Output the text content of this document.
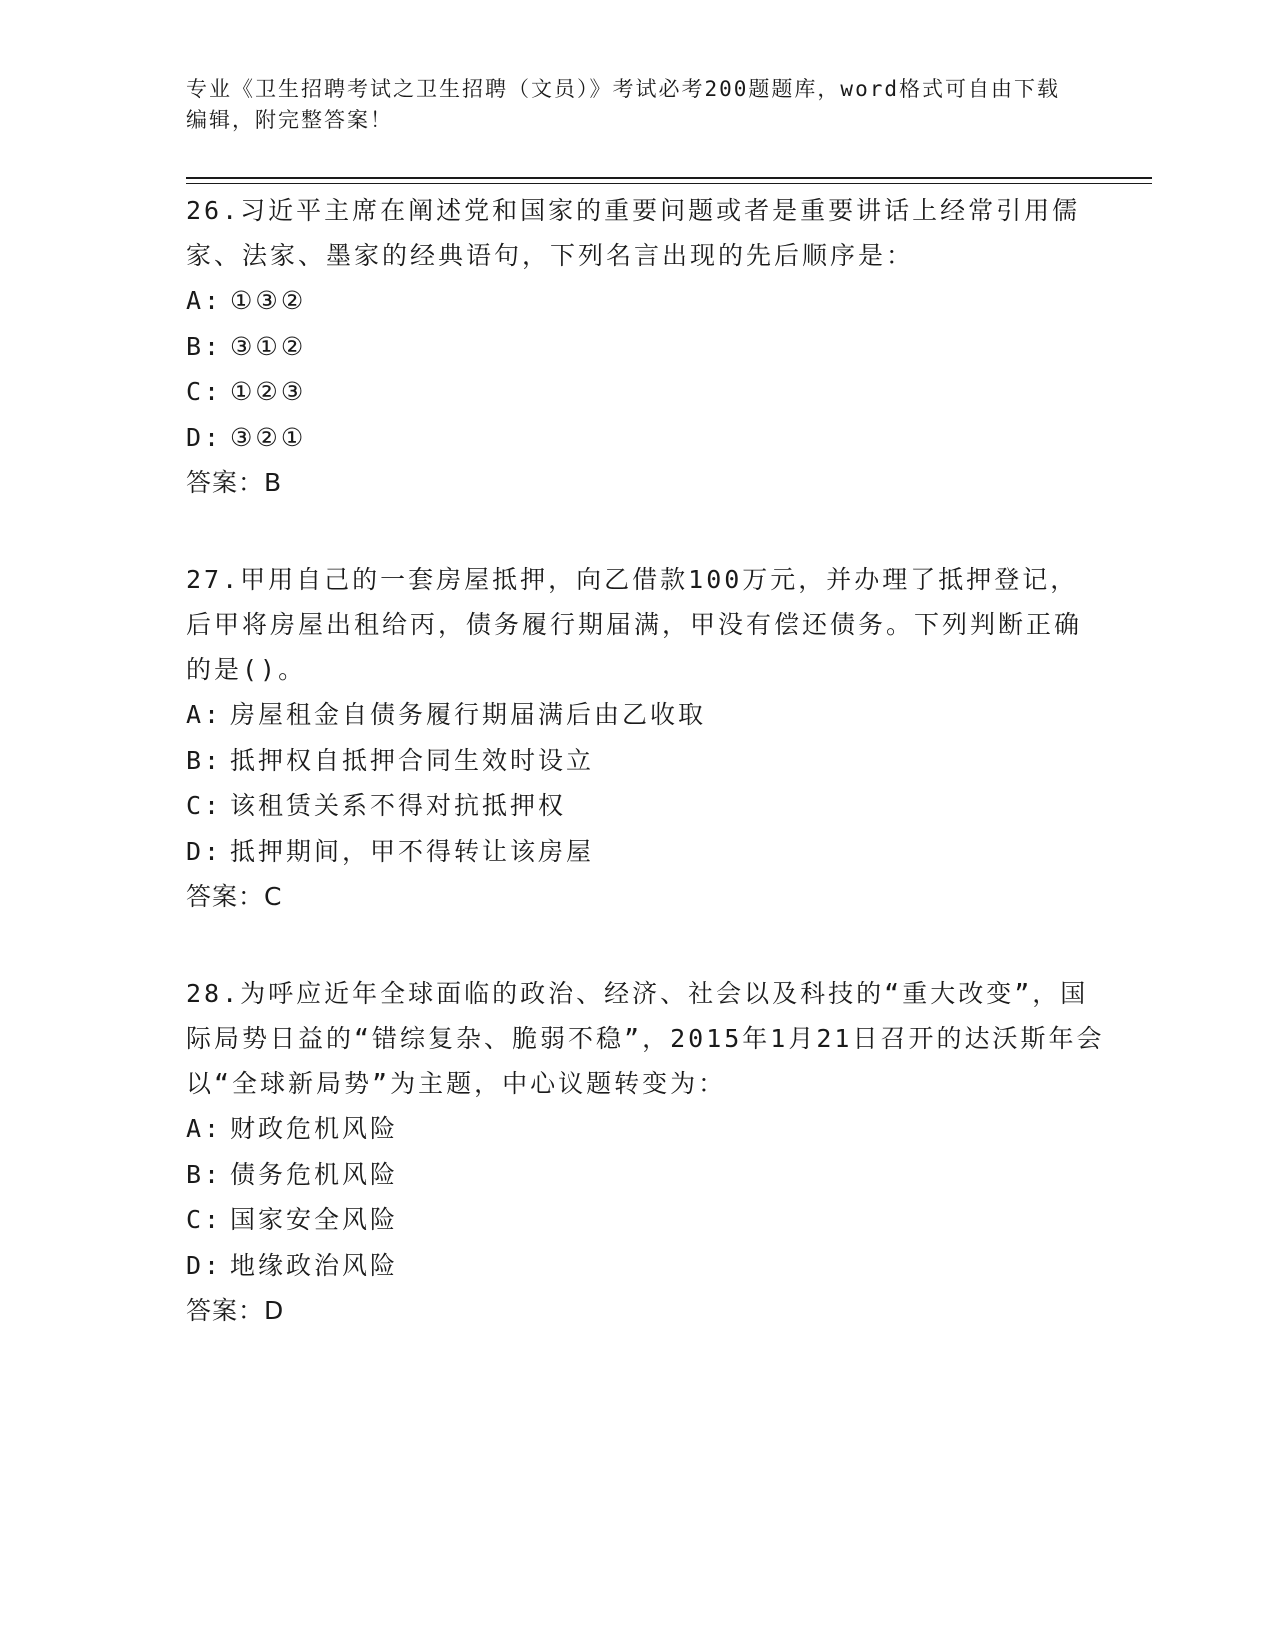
专业《卫生招聘考试之卫生招聘（文员）》考试必考200题题库，word格式可自由下载编辑，附完整答案！

26.习近平主席在阐述党和国家的重要问题或者是重要讲话上经常引用儒家、法家、墨家的经典语句，下列名言出现的先后顺序是：

A: ①③②
B: ③①②
C: ①②③
D: ③②①
答案：B

27.甲用自己的一套房屋抵押，向乙借款100万元，并办理了抵押登记，后甲将房屋出租给丙，债务履行期届满，甲没有偿还债务。下列判断正确的是()。

A: 房屋租金自债务履行期届满后由乙收取
B: 抵押权自抵押合同生效时设立
C: 该租赁关系不得对抗抵押权
D: 抵押期间，甲不得转让该房屋
答案：C

28.为呼应近年全球面临的政治、经济、社会以及科技的“重大改变”，国际局势日益的“错综复杂、脆弱不稳”，2015年1月21日召开的达沃斯年会以“全球新局势”为主题，中心议题转变为：

A: 财政危机风险
B: 债务危机风险
C: 国家安全风险
D: 地缘政治风险
答案：D
